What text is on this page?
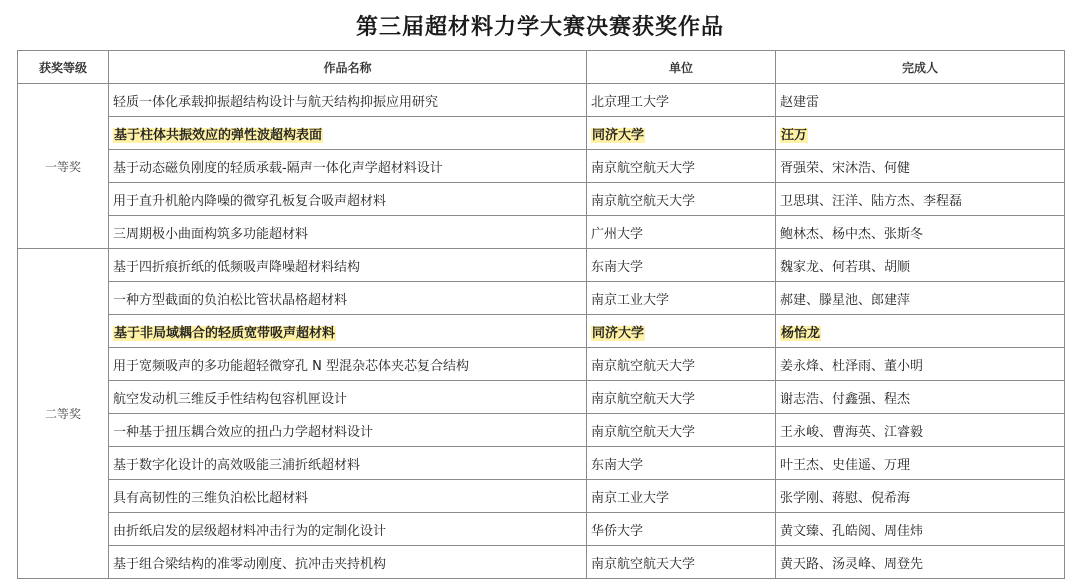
第三届超材料力学大赛决赛获奖作品
获奖等级	作品名称	单位	完成人
一等奖	轻质一体化承载抑振超结构设计与航天结构抑振应用研究	北京理工大学	赵建雷
	基于柱体共振效应的弹性波超构表面	同济大学	汪万
	基于动态磁负刚度的轻质承载-隔声一体化声学超材料设计	南京航空航天大学	胥强荣、宋沐浩、何健
	用于直升机舱内降噪的微穿孔板复合吸声超材料	南京航空航天大学	卫思琪、汪洋、陆方杰、李程磊
	三周期极小曲面构筑多功能超材料	广州大学	鲍林杰、杨中杰、张斯冬
二等奖	基于四折痕折纸的低频吸声降噪超材料结构	东南大学	魏家龙、何若琪、胡顺
	一种方型截面的负泊松比管状晶格超材料	南京工业大学	郝建、滕星池、郎建萍
	基于非局域耦合的轻质宽带吸声超材料	同济大学	杨怡龙
	用于宽频吸声的多功能超轻微穿孔 N 型混杂芯体夹芯复合结构	南京航空航天大学	姜永烽、杜泽雨、董小明
	航空发动机三维反手性结构包容机匣设计	南京航空航天大学	谢志浩、付鑫强、程杰
	一种基于扭压耦合效应的扭凸力学超材料设计	南京航空航天大学	王永峻、曹海英、江睿毅
	基于数字化设计的高效吸能三浦折纸超材料	东南大学	叶王杰、史佳遥、万理
	具有高韧性的三维负泊松比超材料	南京工业大学	张学刚、蒋慰、倪希海
	由折纸启发的层级超材料冲击行为的定制化设计	华侨大学	黄文臻、孔皓阅、周佳炜
	基于组合梁结构的准零动刚度、抗冲击夹持机构	南京航空航天大学	黄天路、汤灵峰、周登先
